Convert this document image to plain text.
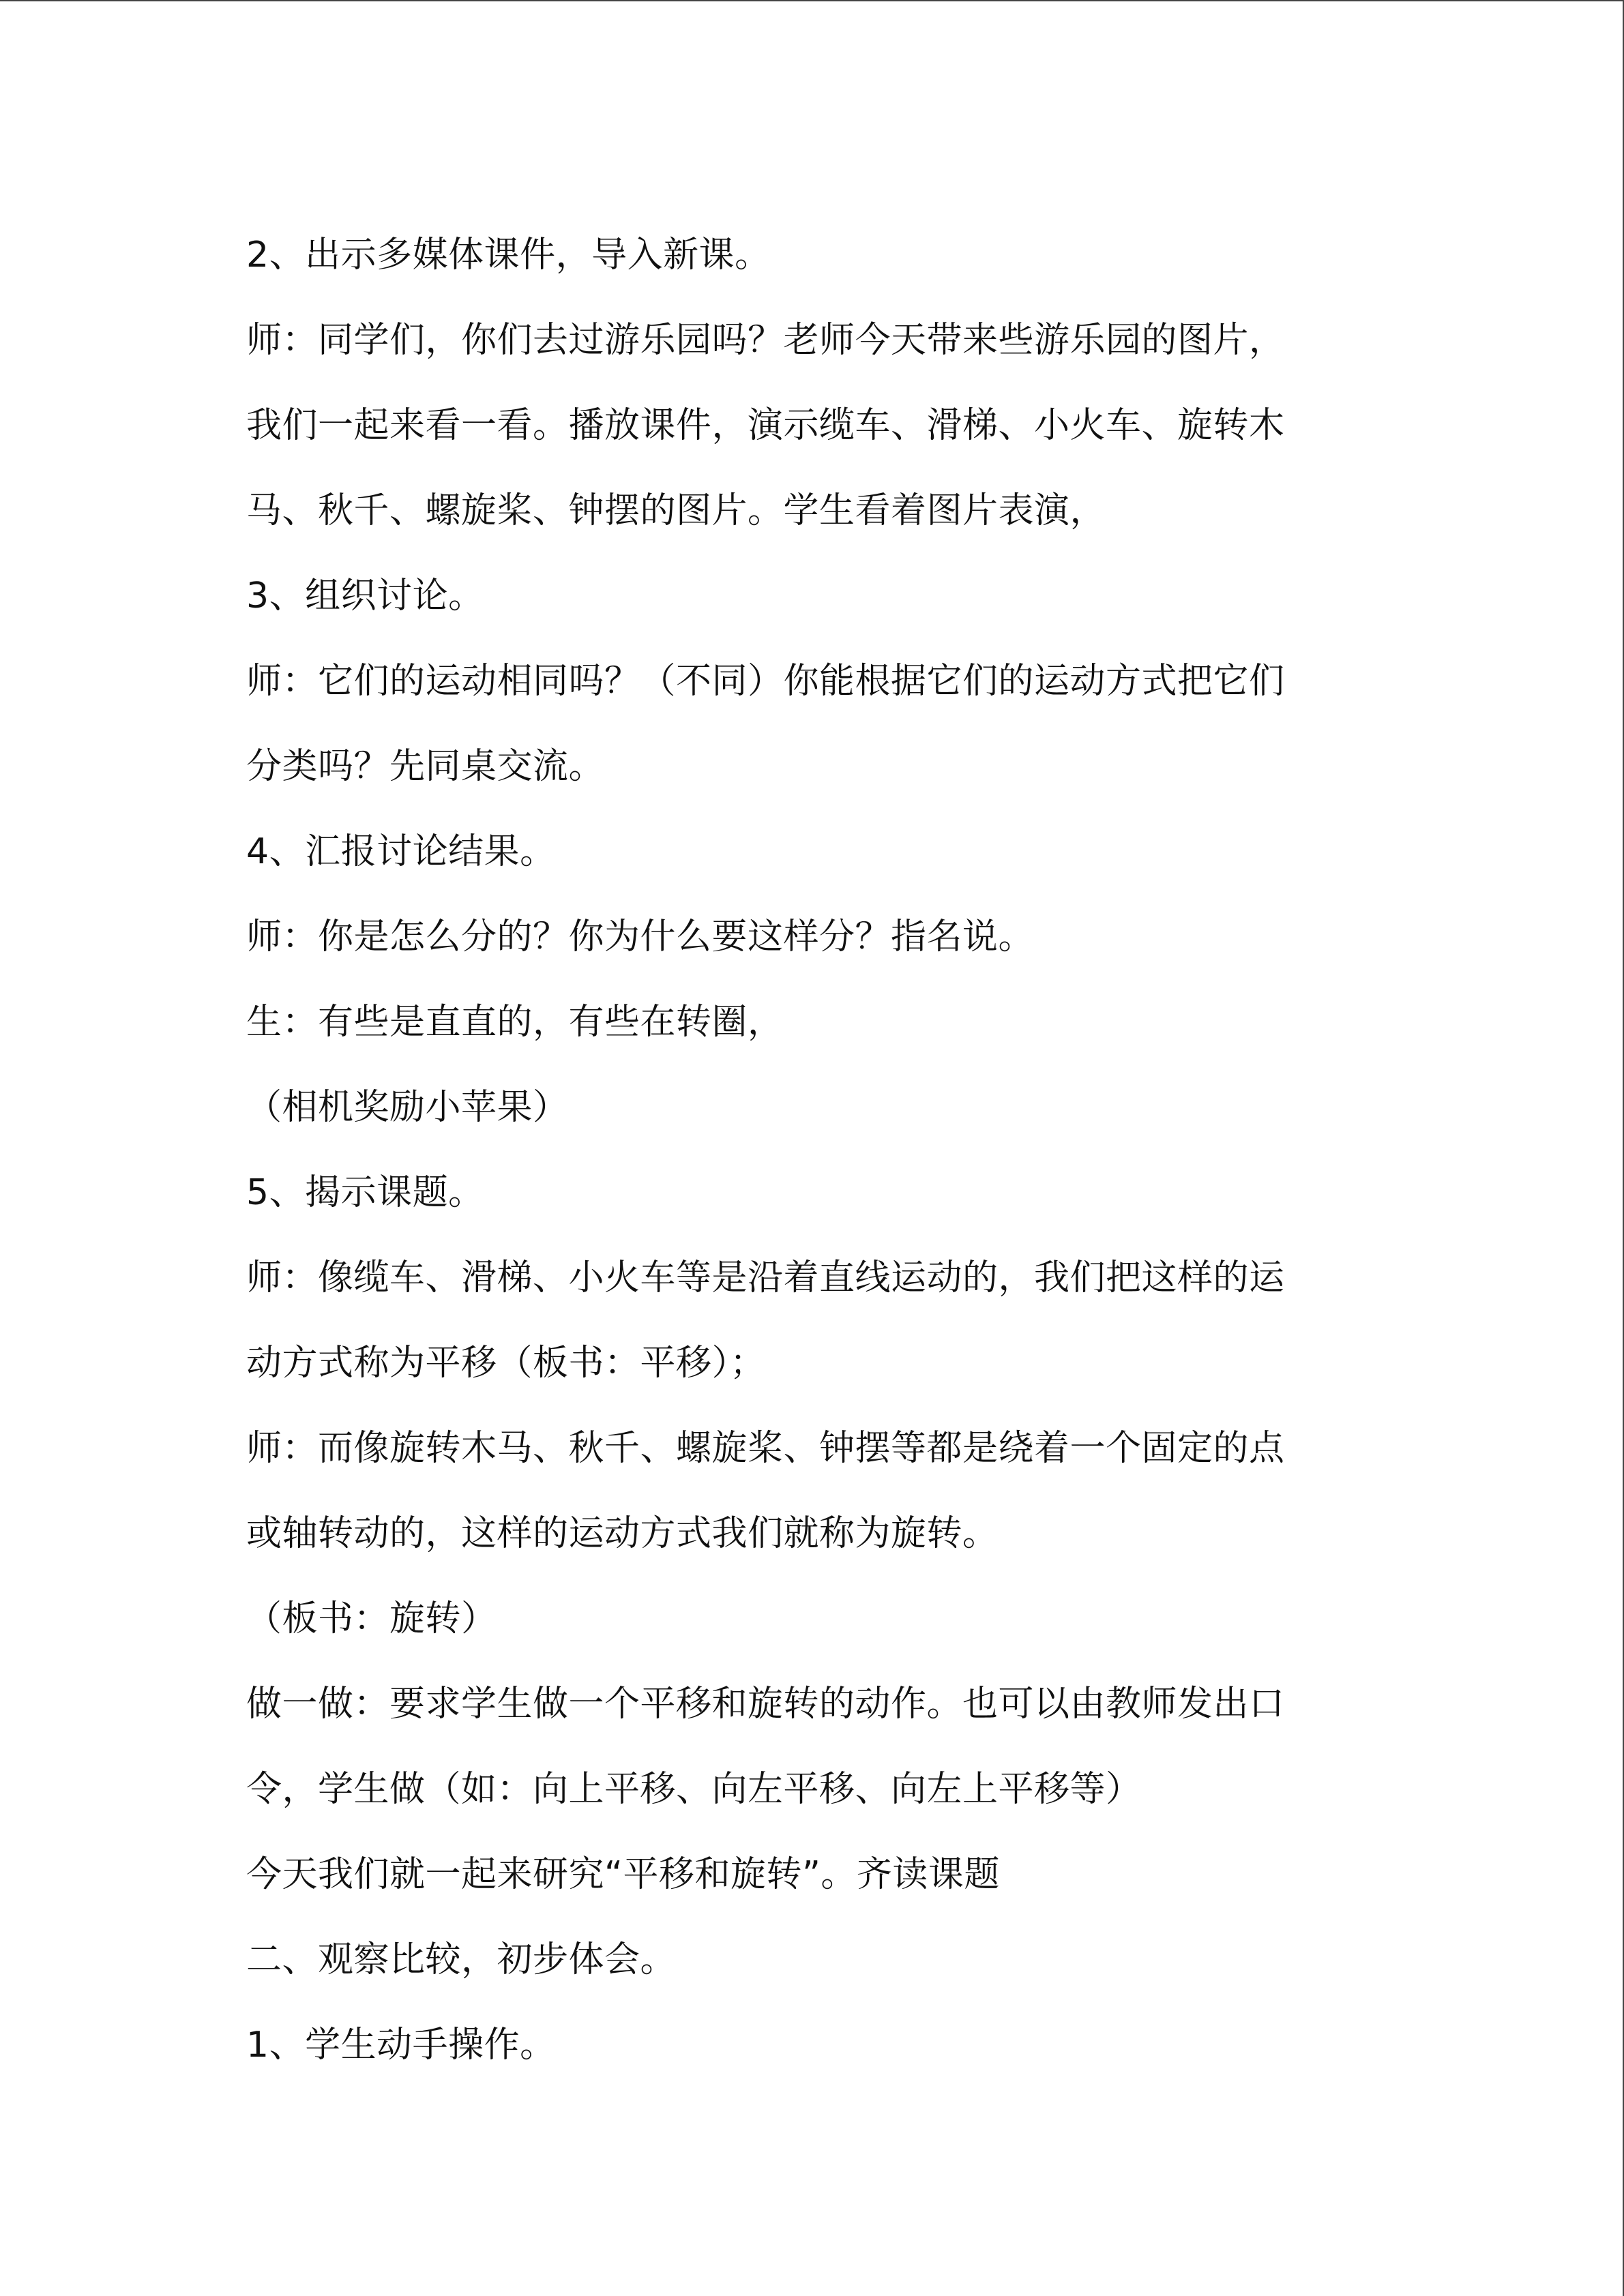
2、出示多媒体课件，导入新课。
师：同学们，你们去过游乐园吗？老师今天带来些游乐园的图片，
我们一起来看一看。播放课件，演示缆车、滑梯、小火车、旋转木
马、秋千、螺旋桨、钟摆的图片。学生看着图片表演，
3、组织讨论。
师：它们的运动相同吗？（不同）你能根据它们的运动方式把它们
分类吗？先同桌交流。
4、汇报讨论结果。
师：你是怎么分的？你为什么要这样分？指名说。
生：有些是直直的，有些在转圈，
（相机奖励小苹果）
5、揭示课题。
师：像缆车、滑梯、小火车等是沿着直线运动的，我们把这样的运
动方式称为平移（板书：平移）；
师：而像旋转木马、秋千、螺旋桨、钟摆等都是绕着一个固定的点
或轴转动的，这样的运动方式我们就称为旋转。
（板书：旋转）
做一做：要求学生做一个平移和旋转的动作。也可以由教师发出口
令，学生做（如：向上平移、向左平移、向左上平移等）
今天我们就一起来研究“平移和旋转”。齐读课题
二、观察比较，初步体会。
1、学生动手操作。
